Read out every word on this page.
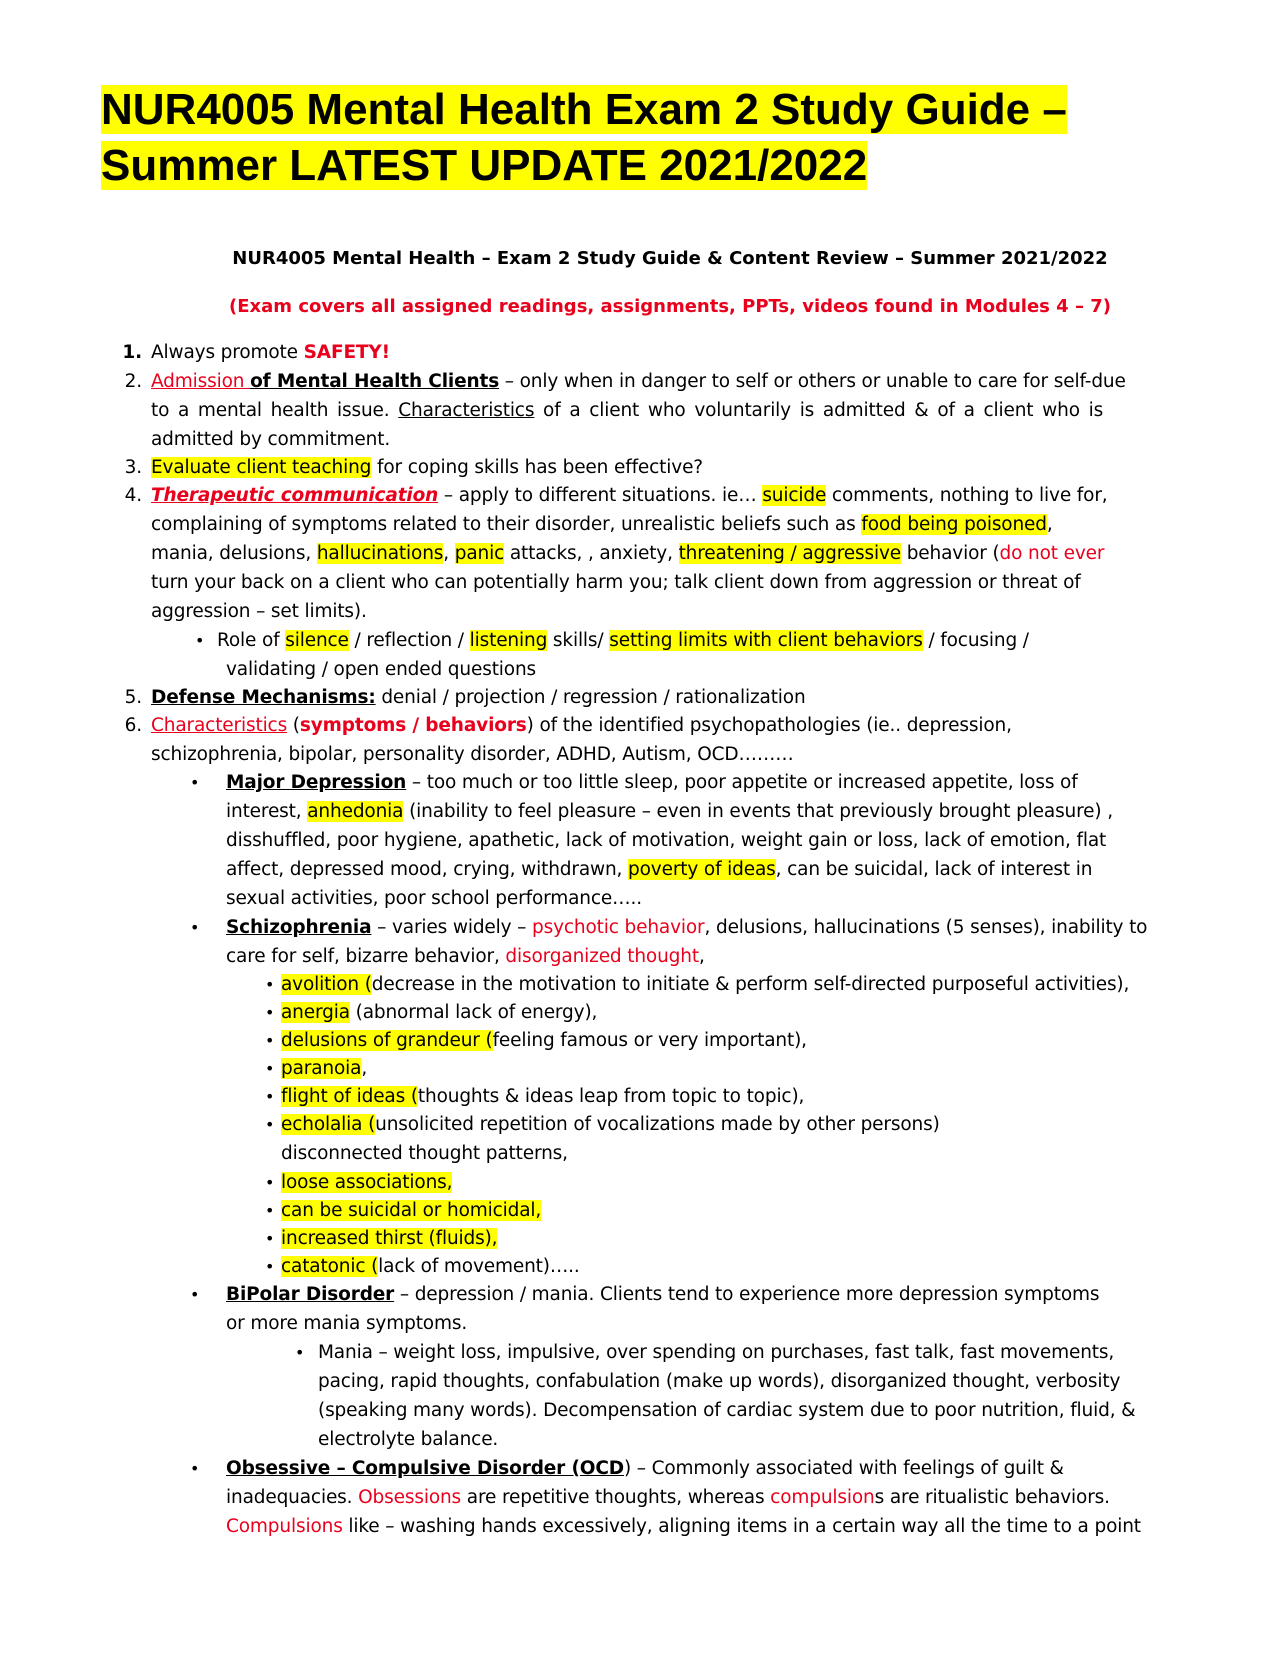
NUR4005 Mental Health Exam 2 Study Guide –
Summer LATEST UPDATE 2021/2022
NUR4005 Mental Health – Exam 2 Study Guide & Content Review – Summer 2021/2022
(Exam covers all assigned readings, assignments, PPTs, videos found in Modules 4 – 7)
1. Always promote SAFETY!
2. Admission of Mental Health Clients – only when in danger to self or others or unable to care for self-due
to a mental health issue. Characteristics of a client who voluntarily is admitted & of a client who is
admitted by commitment.
3. Evaluate client teaching for coping skills has been effective?
4. Therapeutic communication – apply to different situations. ie… suicide comments, nothing to live for,
complaining of symptoms related to their disorder, unrealistic beliefs such as food being poisoned,
mania, delusions, hallucinations, panic attacks, , anxiety, threatening / aggressive behavior (do not ever
turn your back on a client who can potentially harm you; talk client down from aggression or threat of
aggression – set limits).
• Role of silence / reflection / listening skills/ setting limits with client behaviors / focusing /
validating / open ended questions
5. Defense Mechanisms: denial / projection / regression / rationalization
6. Characteristics (symptoms / behaviors) of the identified psychopathologies (ie.. depression,
schizophrenia, bipolar, personality disorder, ADHD, Autism, OCD………
• Major Depression – too much or too little sleep, poor appetite or increased appetite, loss of
interest, anhedonia (inability to feel pleasure – even in events that previously brought pleasure) ,
disshuffled, poor hygiene, apathetic, lack of motivation, weight gain or loss, lack of emotion, flat
affect, depressed mood, crying, withdrawn, poverty of ideas, can be suicidal, lack of interest in
sexual activities, poor school performance…..
• Schizophrenia – varies widely – psychotic behavior, delusions, hallucinations (5 senses), inability to
care for self, bizarre behavior, disorganized thought,
• avolition (decrease in the motivation to initiate & perform self-directed purposeful activities),
• anergia (abnormal lack of energy),
• delusions of grandeur (feeling famous or very important),
• paranoia,
• flight of ideas (thoughts & ideas leap from topic to topic),
• echolalia (unsolicited repetition of vocalizations made by other persons)
disconnected thought patterns,
• loose associations,
• can be suicidal or homicidal,
• increased thirst (fluids),
• catatonic (lack of movement)…..
• BiPolar Disorder – depression / mania. Clients tend to experience more depression symptoms
or more mania symptoms.
• Mania – weight loss, impulsive, over spending on purchases, fast talk, fast movements,
pacing, rapid thoughts, confabulation (make up words), disorganized thought, verbosity
(speaking many words). Decompensation of cardiac system due to poor nutrition, fluid, &
electrolyte balance.
• Obsessive – Compulsive Disorder (OCD) – Commonly associated with feelings of guilt &
inadequacies. Obsessions are repetitive thoughts, whereas compulsions are ritualistic behaviors.
Compulsions like – washing hands excessively, aligning items in a certain way all the time to a point
